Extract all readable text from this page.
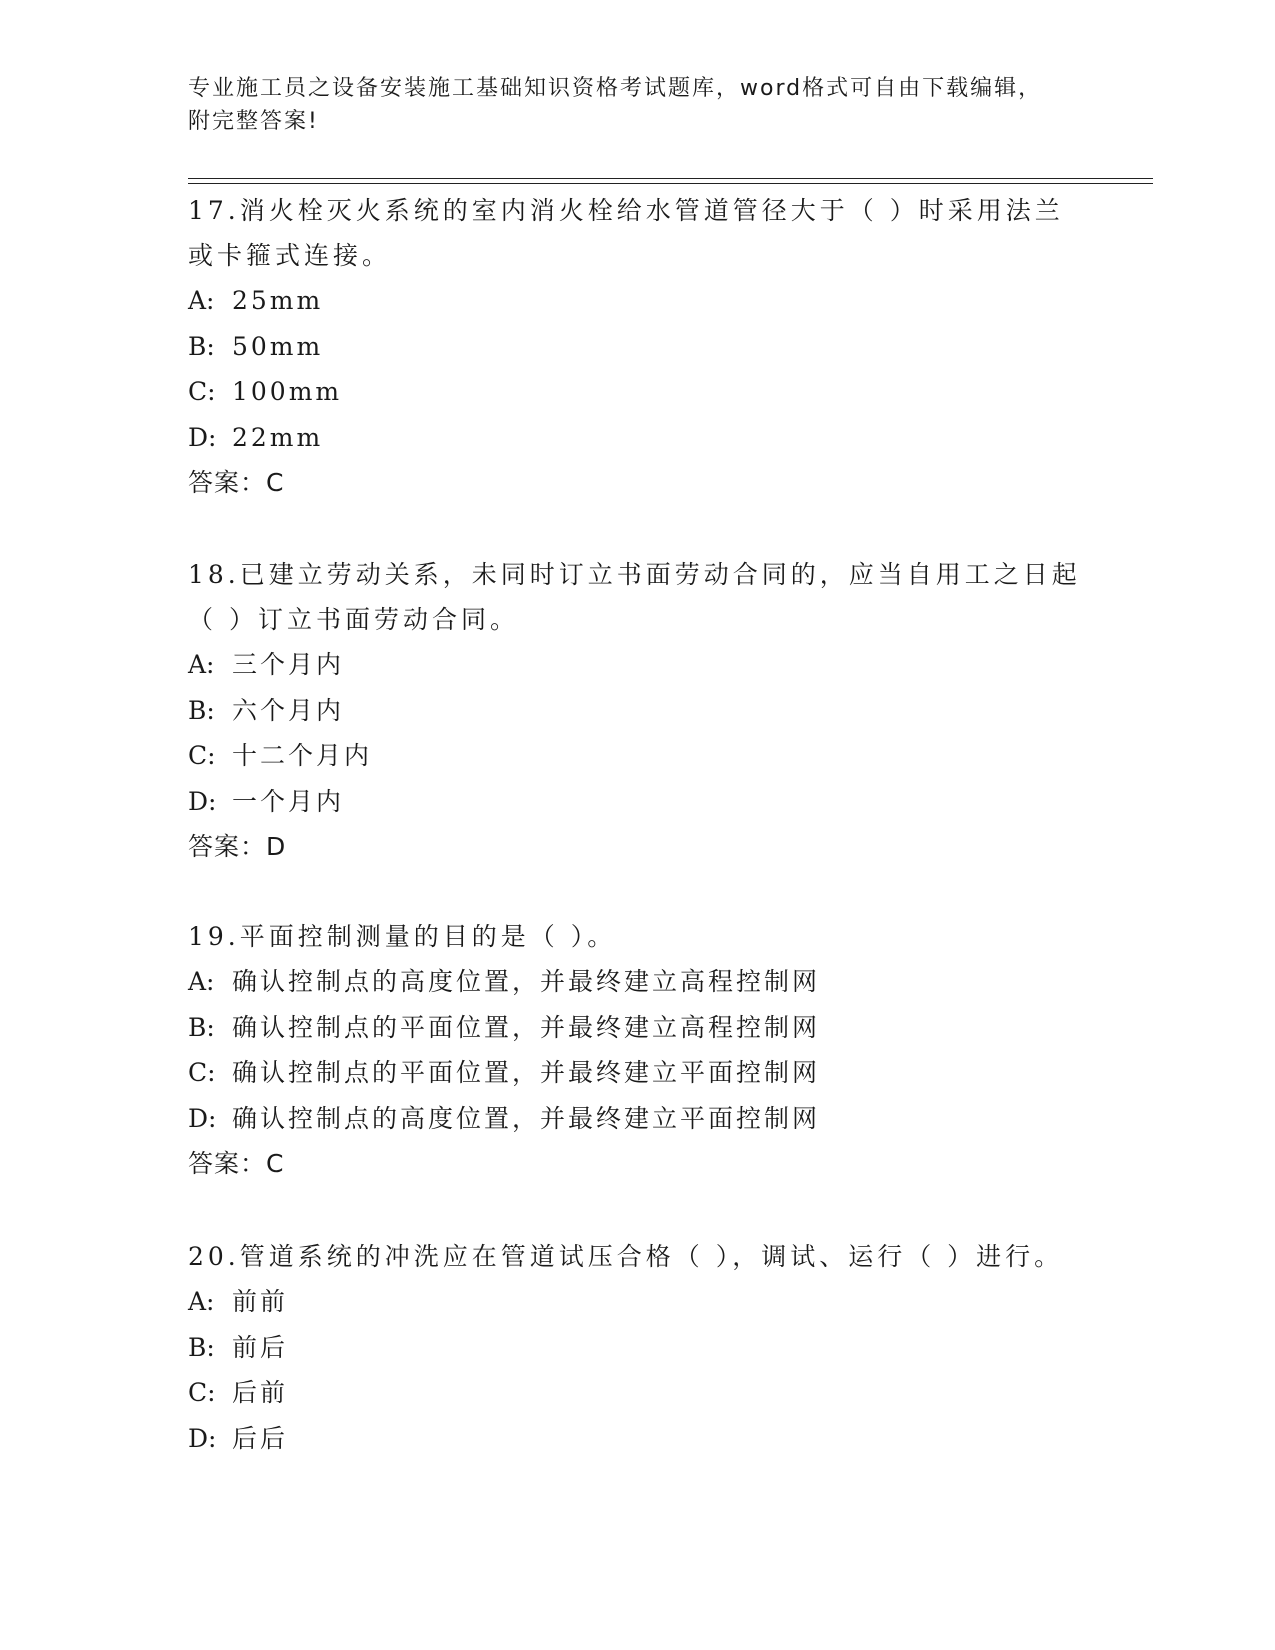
专业施工员之设备安装施工基础知识资格考试题库，word格式可自由下载编辑，
附完整答案!

17.消火栓灭火系统的室内消火栓给水管道管径大于（ ）时采用法兰

或卡箍式连接。

A: 25mm

B: 50mm

C: 100mm

D: 22mm

答案：C

18.已建立劳动关系，未同时订立书面劳动合同的，应当自用工之日起

（ ）订立书面劳动合同。

A: 三个月内

B: 六个月内

C: 十二个月内

D: 一个月内

答案：D

19.平面控制测量的目的是（ ）。

A: 确认控制点的高度位置，并最终建立高程控制网

B: 确认控制点的平面位置，并最终建立高程控制网

C: 确认控制点的平面位置，并最终建立平面控制网

D: 确认控制点的高度位置，并最终建立平面控制网

答案：C

20.管道系统的冲洗应在管道试压合格（ ），调试、运行（ ）进行。

A: 前前

B: 前后

C: 后前

D: 后后
